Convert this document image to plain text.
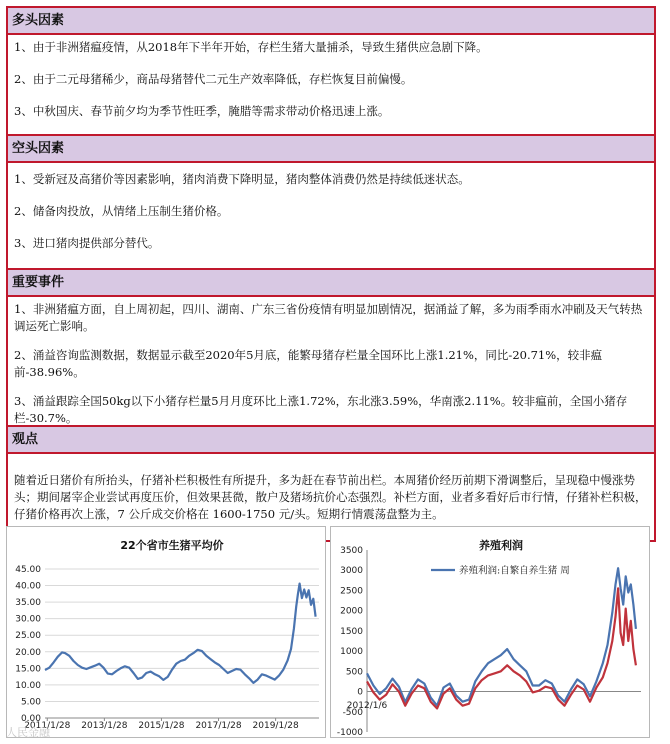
多头因素

1、由于非洲猪瘟疫情，从2018年下半年开始，存栏生猪大量捕杀，导致生猪供应急剧下降。

2、由于二元母猪稀少，商品母猪替代二元生产效率降低，存栏恢复目前偏慢。

3、中秋国庆、春节前夕均为季节性旺季，腌腊等需求带动价格迅速上涨。

空头因素

1、受新冠及高猪价等因素影响，猪肉消费下降明显，猪肉整体消费仍然是持续低迷状态。

2、储备肉投放，从情绪上压制生猪价格。

3、进口猪肉提供部分替代。

重要事件

1、非洲猪瘟方面，自上周初起，四川、湖南、广东三省份疫情有明显加剧情况，据涌益了解，多为雨季雨水冲刷及天气转热调运死亡影响。

2、涌益咨询监测数据，数据显示截至2020年5月底，能繁母猪存栏量全国环比上涨1.21%，同比-20.71%，较非瘟前-38.96%。

3、涌益跟踪全国50kg以下小猪存栏量5月月度环比上涨1.72%，东北涨3.59%，华南涨2.11%。较非瘟前，全国小猪存栏-30.7%。

观点

随着近日猪价有所抬头，仔猪补栏积极性有所提升，多为赶在春节前出栏。本周猪价经历前期下滑调整后，呈现稳中慢涨势头；期间屠宰企业尝试再度压价，但效果甚微，散户及猪场抗价心态强烈。补栏方面，业者多看好后市行情，仔猪补栏积极，仔猪价格再次上涨，7 公斤成交价格在 1600-1750 元/头。短期行情震荡盘整为主。

22个省市生猪平均价
0.00
5.00
10.00
15.00
20.00
25.00
30.00
35.00
40.00
45.00
2011/1/28 2013/1/28 2015/1/28 2017/1/28 2019/1/28
养殖利润
-1000
-500
0
500
1000
1500
2000
2500
3000
3500
2012/1/6
养殖利润:自繁自养生猪 周
人民金融
